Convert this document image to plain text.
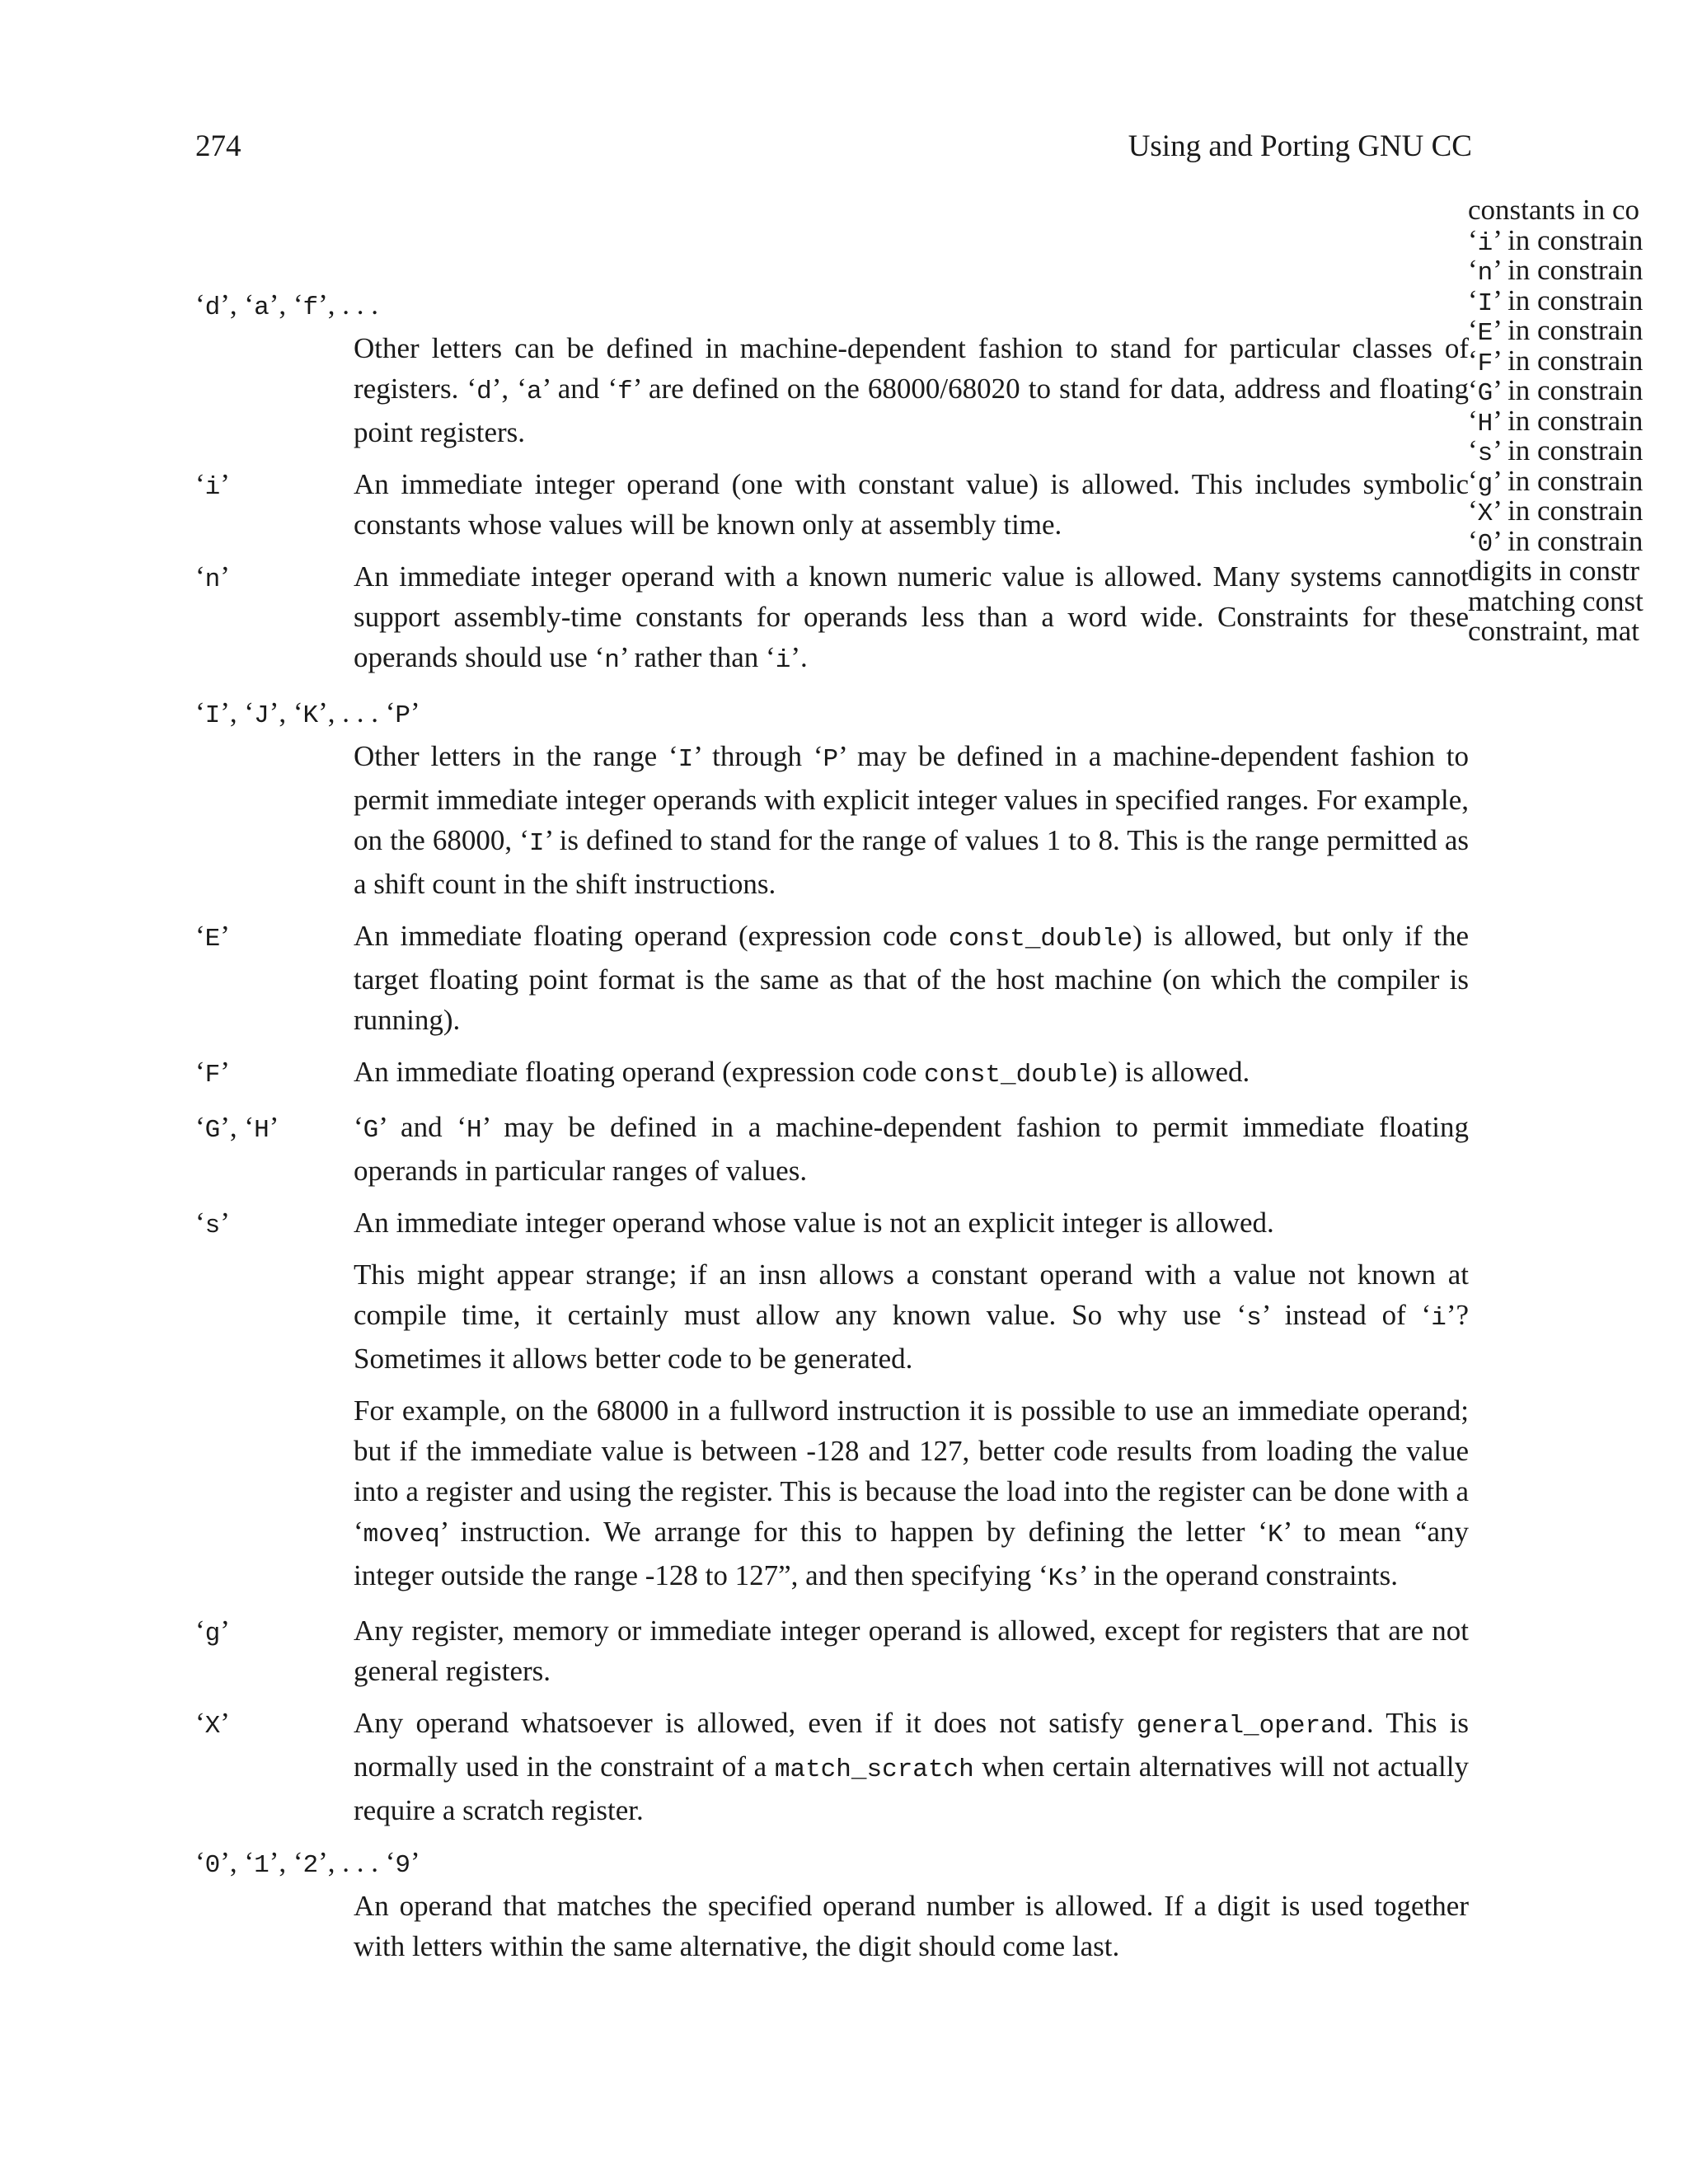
274	Using and Porting GNU CC
‘d’, ‘a’, ‘f’, . . .

Other letters can be defined in machine-dependent fashion to stand for particular classes of registers. ‘d’, ‘a’ and ‘f’ are defined on the 68000/68020 to stand for data, address and floating point registers.

‘i’	An immediate integer operand (one with constant value) is allowed. This includes symbolic constants whose values will be known only at assembly time.

‘n’	An immediate integer operand with a known numeric value is allowed. Many systems cannot support assembly-time constants for operands less than a word wide. Constraints for these operands should use ‘n’ rather than ‘i’.

‘I’, ‘J’, ‘K’, . . . ‘P’

Other letters in the range ‘I’ through ‘P’ may be defined in a machine-dependent fashion to permit immediate integer operands with explicit integer values in specified ranges. For example, on the 68000, ‘I’ is defined to stand for the range of values 1 to 8. This is the range permitted as a shift count in the shift instructions.

‘E’	An immediate floating operand (expression code const_double) is allowed, but only if the target floating point format is the same as that of the host machine (on which the compiler is running).

‘F’	An immediate floating operand (expression code const_double) is allowed.

‘G’, ‘H’	‘G’ and ‘H’ may be defined in a machine-dependent fashion to permit immediate floating operands in particular ranges of values.

‘s’	An immediate integer operand whose value is not an explicit integer is allowed.

This might appear strange; if an insn allows a constant operand with a value not known at compile time, it certainly must allow any known value. So why use ‘s’ instead of ‘i’? Sometimes it allows better code to be generated.

For example, on the 68000 in a fullword instruction it is possible to use an immediate operand; but if the immediate value is between -128 and 127, better code results from loading the value into a register and using the register. This is because the load into the register can be done with a ‘moveq’ instruction. We arrange for this to happen by defining the letter ‘K’ to mean “any integer outside the range -128 to 127”, and then specifying ‘Ks’ in the operand constraints.

‘g’	Any register, memory or immediate integer operand is allowed, except for registers that are not general registers.

‘X’	Any operand whatsoever is allowed, even if it does not satisfy general_operand. This is normally used in the constraint of a match_scratch when certain alternatives will not actually require a scratch register.

‘0’, ‘1’, ‘2’, . . . ‘9’

An operand that matches the specified operand number is allowed. If a digit is used together with letters within the same alternative, the digit should come last.

constants in co
‘i’ in constrain
‘n’ in constrain
‘I’ in constrain
‘E’ in constrain
‘F’ in constrain
‘G’ in constrain
‘H’ in constrain
‘s’ in constrain
‘g’ in constrain
‘X’ in constrain
‘0’ in constrain
digits in constr
matching const
constraint, mat
